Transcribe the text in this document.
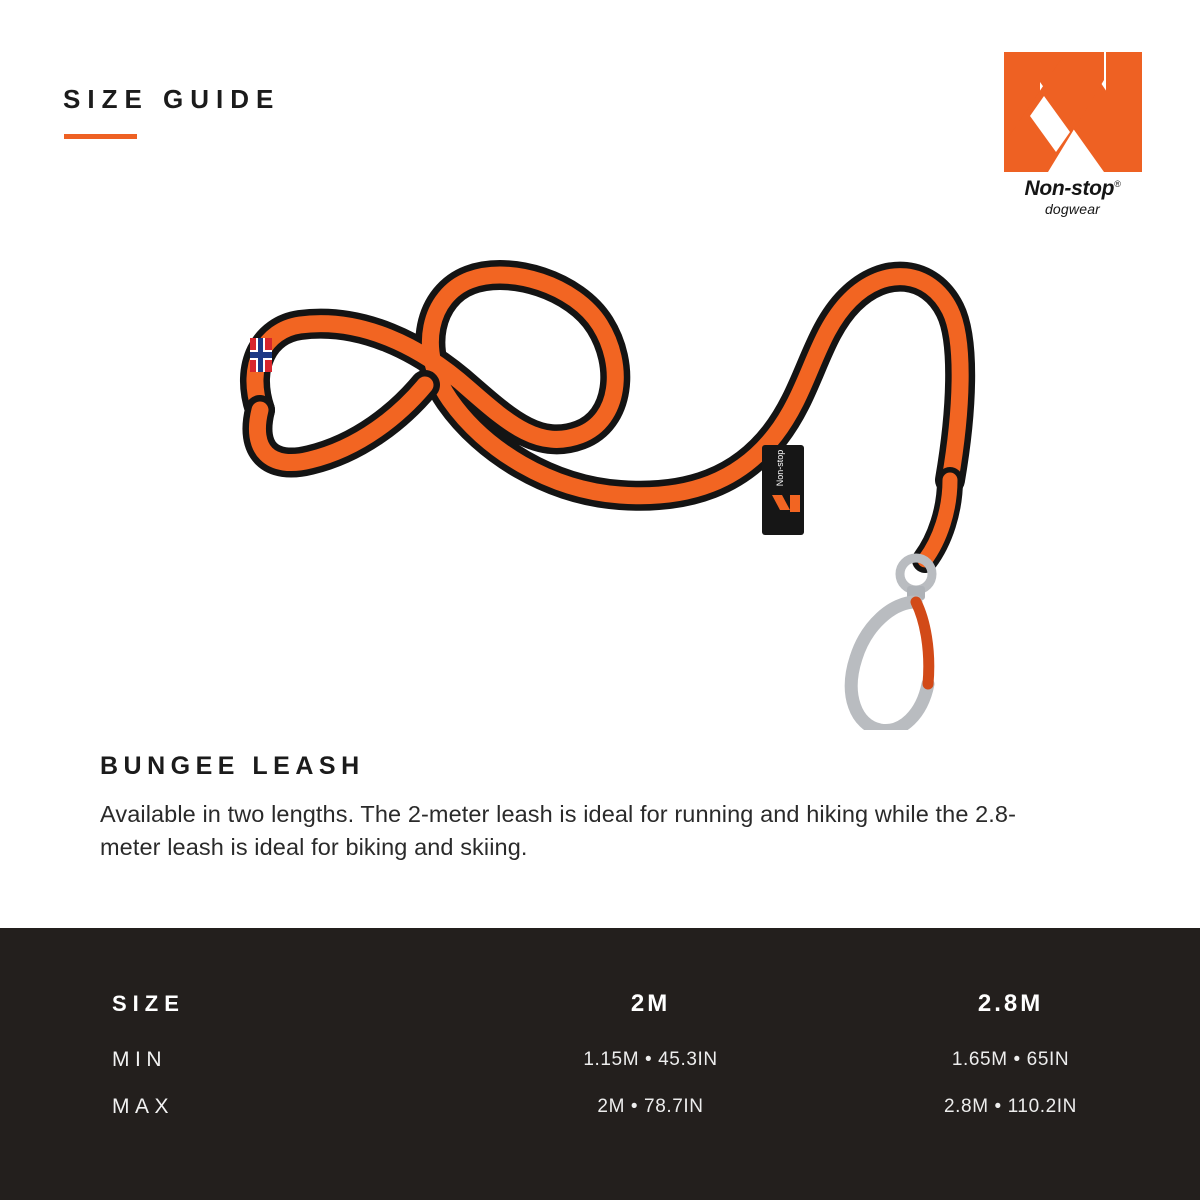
SIZE GUIDE
Non-stop®
dogwear
Non-stop
BUNGEE LEASH
Available in two lengths. The 2-meter leash is ideal for running and hiking while the 2.8-meter leash is ideal for biking and skiing.
SIZE	2M	2.8M
MIN	1.15M • 45.3IN	1.65M • 65IN
MAX	2M • 78.7IN	2.8M • 110.2IN
